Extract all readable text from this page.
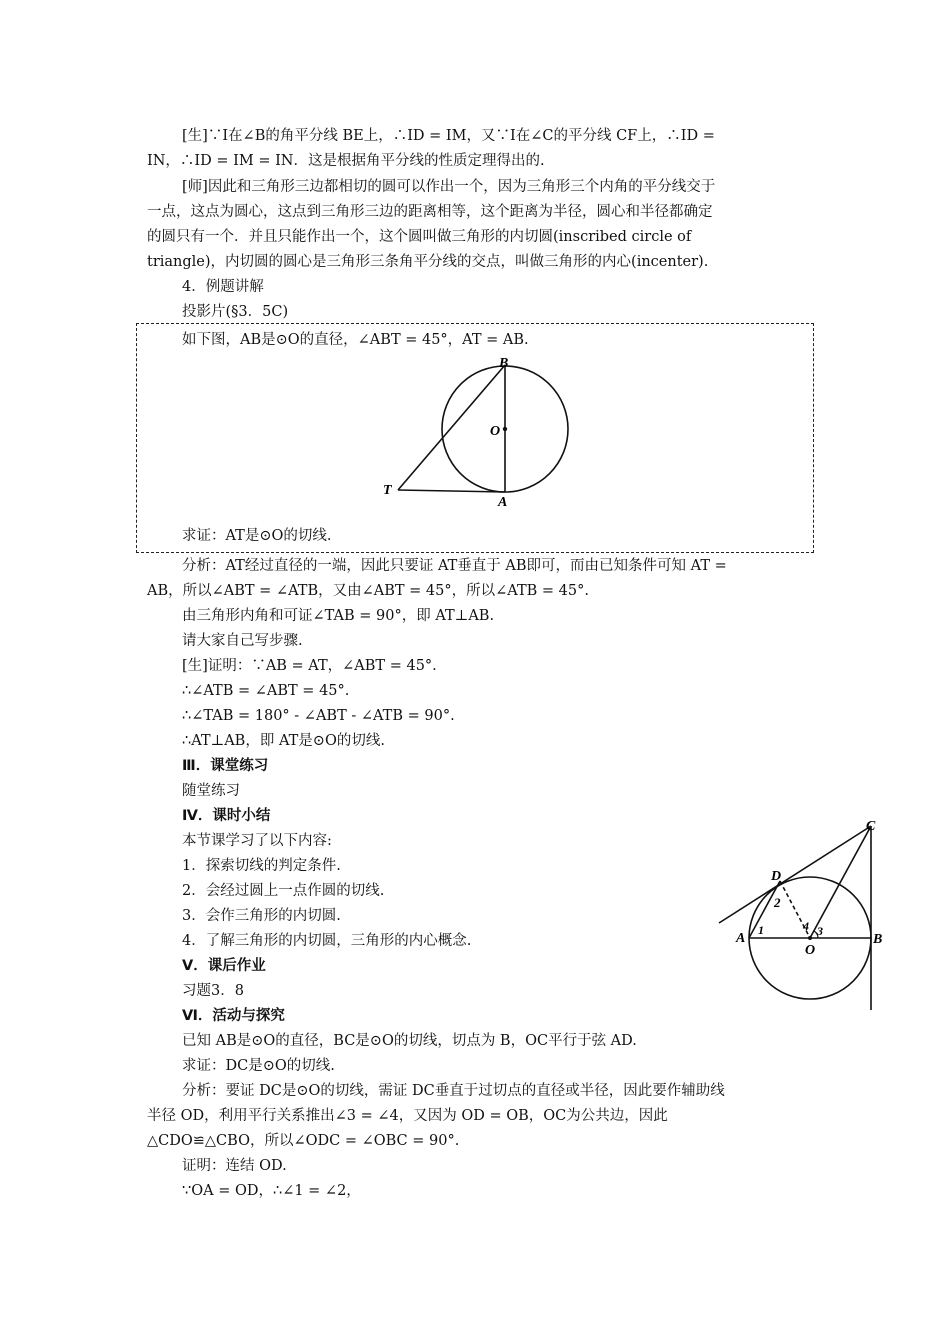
[生]∵I在∠B的角平分线 BE上，∴ID = IM，又∵I在∠C的平分线 CF上，∴ID =
IN，∴ID = IM = IN．这是根据角平分线的性质定理得出的.
[师]因此和三角形三边都相切的圆可以作出一个，因为三角形三个内角的平分线交于
一点，这点为圆心，这点到三角形三边的距离相等，这个距离为半径，圆心和半径都确定
的圆只有一个．并且只能作出一个，这个圆叫做三角形的内切圆(inscribed circle of
triangle)，内切圆的圆心是三角形三条角平分线的交点，叫做三角形的内心(incenter).
4．例题讲解
投影片(§3．5C)
如下图，AB是⊙O的直径，∠ABT = 45°，AT = AB.
B
O
T
A
求证：AT是⊙O的切线.
分析：AT经过直径的一端，因此只要证 AT垂直于 AB即可，而由已知条件可知 AT =
AB，所以∠ABT = ∠ATB，又由∠ABT = 45°，所以∠ATB = 45°.
由三角形内角和可证∠TAB = 90°，即 AT⊥AB.
请大家自己写步骤.
[生]证明：∵AB = AT，∠ABT = 45°.
∴∠ATB = ∠ABT = 45°.
∴∠TAB = 180° - ∠ABT - ∠ATB = 90°.
∴AT⊥AB，即 AT是⊙O的切线.
Ⅲ．课堂练习
随堂练习
Ⅳ．课时小结
本节课学习了以下内容:
1．探索切线的判定条件.
2．会经过圆上一点作圆的切线.
3．会作三角形的内切圆.
4．了解三角形的内切圆，三角形的内心概念.
Ⅴ．课后作业
习题3．8
Ⅵ．活动与探究
已知 AB是⊙O的直径，BC是⊙O的切线，切点为 B，OC平行于弦 AD.
求证：DC是⊙O的切线.
分析：要证 DC是⊙O的切线，需证 DC垂直于过切点的直径或半径，因此要作辅助线
半径 OD，利用平行关系推出∠3 = ∠4，又因为 OD = OB，OC为公共边，因此
△CDO≌△CBO，所以∠ODC = ∠OBC = 90°.
证明：连结 OD.
∵OA = OD，∴∠1 = ∠2，
C
D
2
4 3
A
1
O
B
